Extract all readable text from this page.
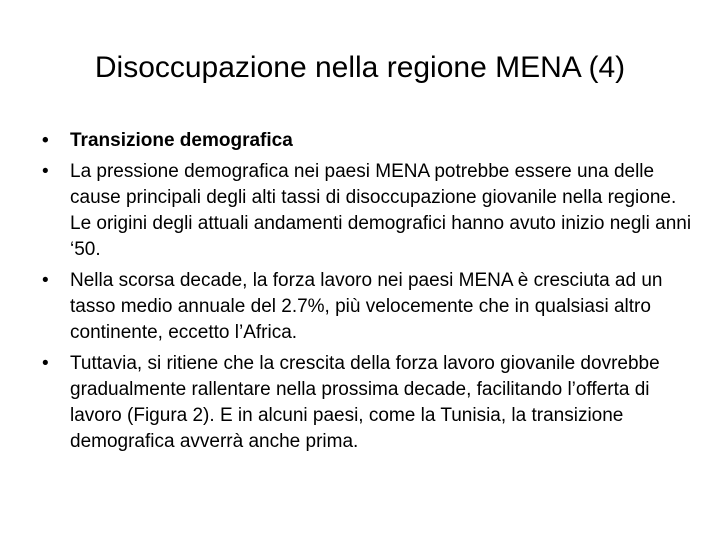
Disoccupazione nella regione MENA (4)
•	Transizione demografica
•	La pressione demografica nei paesi MENA potrebbe essere una delle cause principali degli alti tassi di disoccupazione giovanile nella regione. Le origini degli attuali andamenti demografici hanno avuto inizio negli anni ‘50.
•	Nella scorsa decade, la forza lavoro nei paesi MENA è cresciuta ad un tasso medio annuale del 2.7%, più velocemente che in qualsiasi altro continente, eccetto l’Africa.
•	Tuttavia, si ritiene che la crescita della forza lavoro giovanile dovrebbe gradualmente rallentare nella prossima decade, facilitando l’offerta di lavoro (Figura 2). E in alcuni paesi, come la Tunisia, la transizione demografica avverrà anche prima.
